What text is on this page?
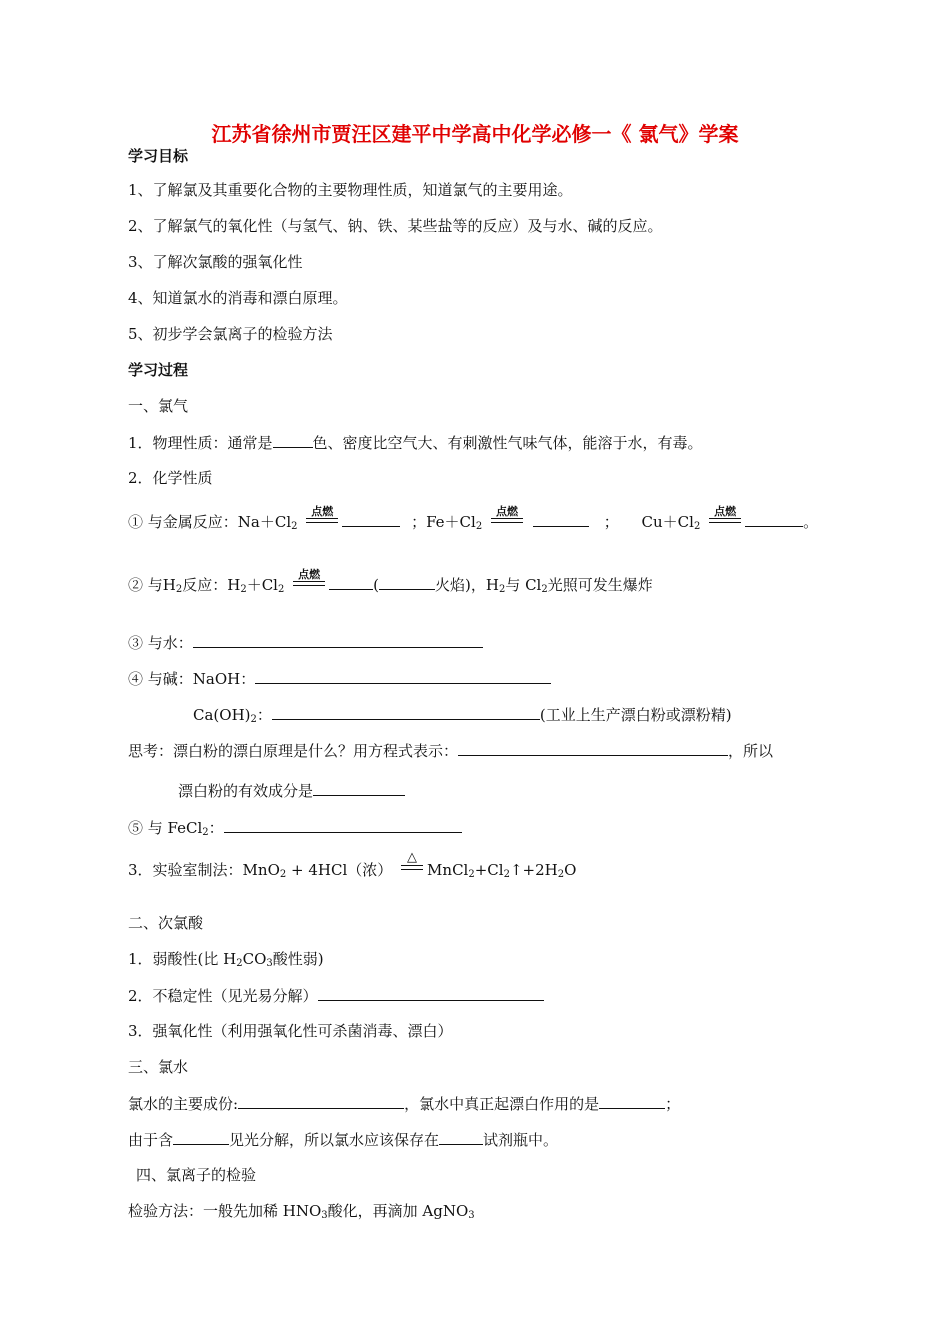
江苏省徐州市贾汪区建平中学高中化学必修一《 氯气》学案
学习目标
1、了解氯及其重要化合物的主要物理性质，知道氯气的主要用途。
2、了解氯气的氧化性（与氢气、钠、铁、某些盐等的反应）及与水、碱的反应。
3、了解次氯酸的强氧化性
4、知道氯水的消毒和漂白原理。
5、初步学会氯离子的检验方法
学习过程
一、氯气
1．物理性质：通常是	色、密度比空气大、有刺激性气味气体，能溶于水，有毒。
2．化学性质
① 与金属反应：$Na+Cl_2$
点燃
；$Fe+Cl_2$
点燃
； $Cu+Cl_2$
点燃
。
② 与$H_2$反应：$H_2+Cl_2$
点燃
(	火焰)，$H_2$与 $Cl_2$光照可发生爆炸
③ 与水：
④ 与碱：NaOH：
$Ca(OH)_2$：	(工业上生产漂白粉或漂粉精)
思考：漂白粉的漂白原理是什么？用方程式表示：	，所以
漂白粉的有效成分是
⑤ 与 FeCl$_2$：
3．实验室制法：MnO$_2$ + 4HCl（浓）
△
$MnCl_2+Cl_2↑+2H_2O$
二、次氯酸
1．弱酸性(比 $H_2CO_3$酸性弱)
2．不稳定性（见光易分解）
3．强氧化性（利用强氧化性可杀菌消毒、漂白）
三、氯水
氯水的主要成份:	，氯水中真正起漂白作用的是	；
由于含	见光分解，所以氯水应该保存在	试剂瓶中。
四、氯离子的检验
检验方法：一般先加稀 $HNO_3$酸化，再滴加 AgNO$_3$
